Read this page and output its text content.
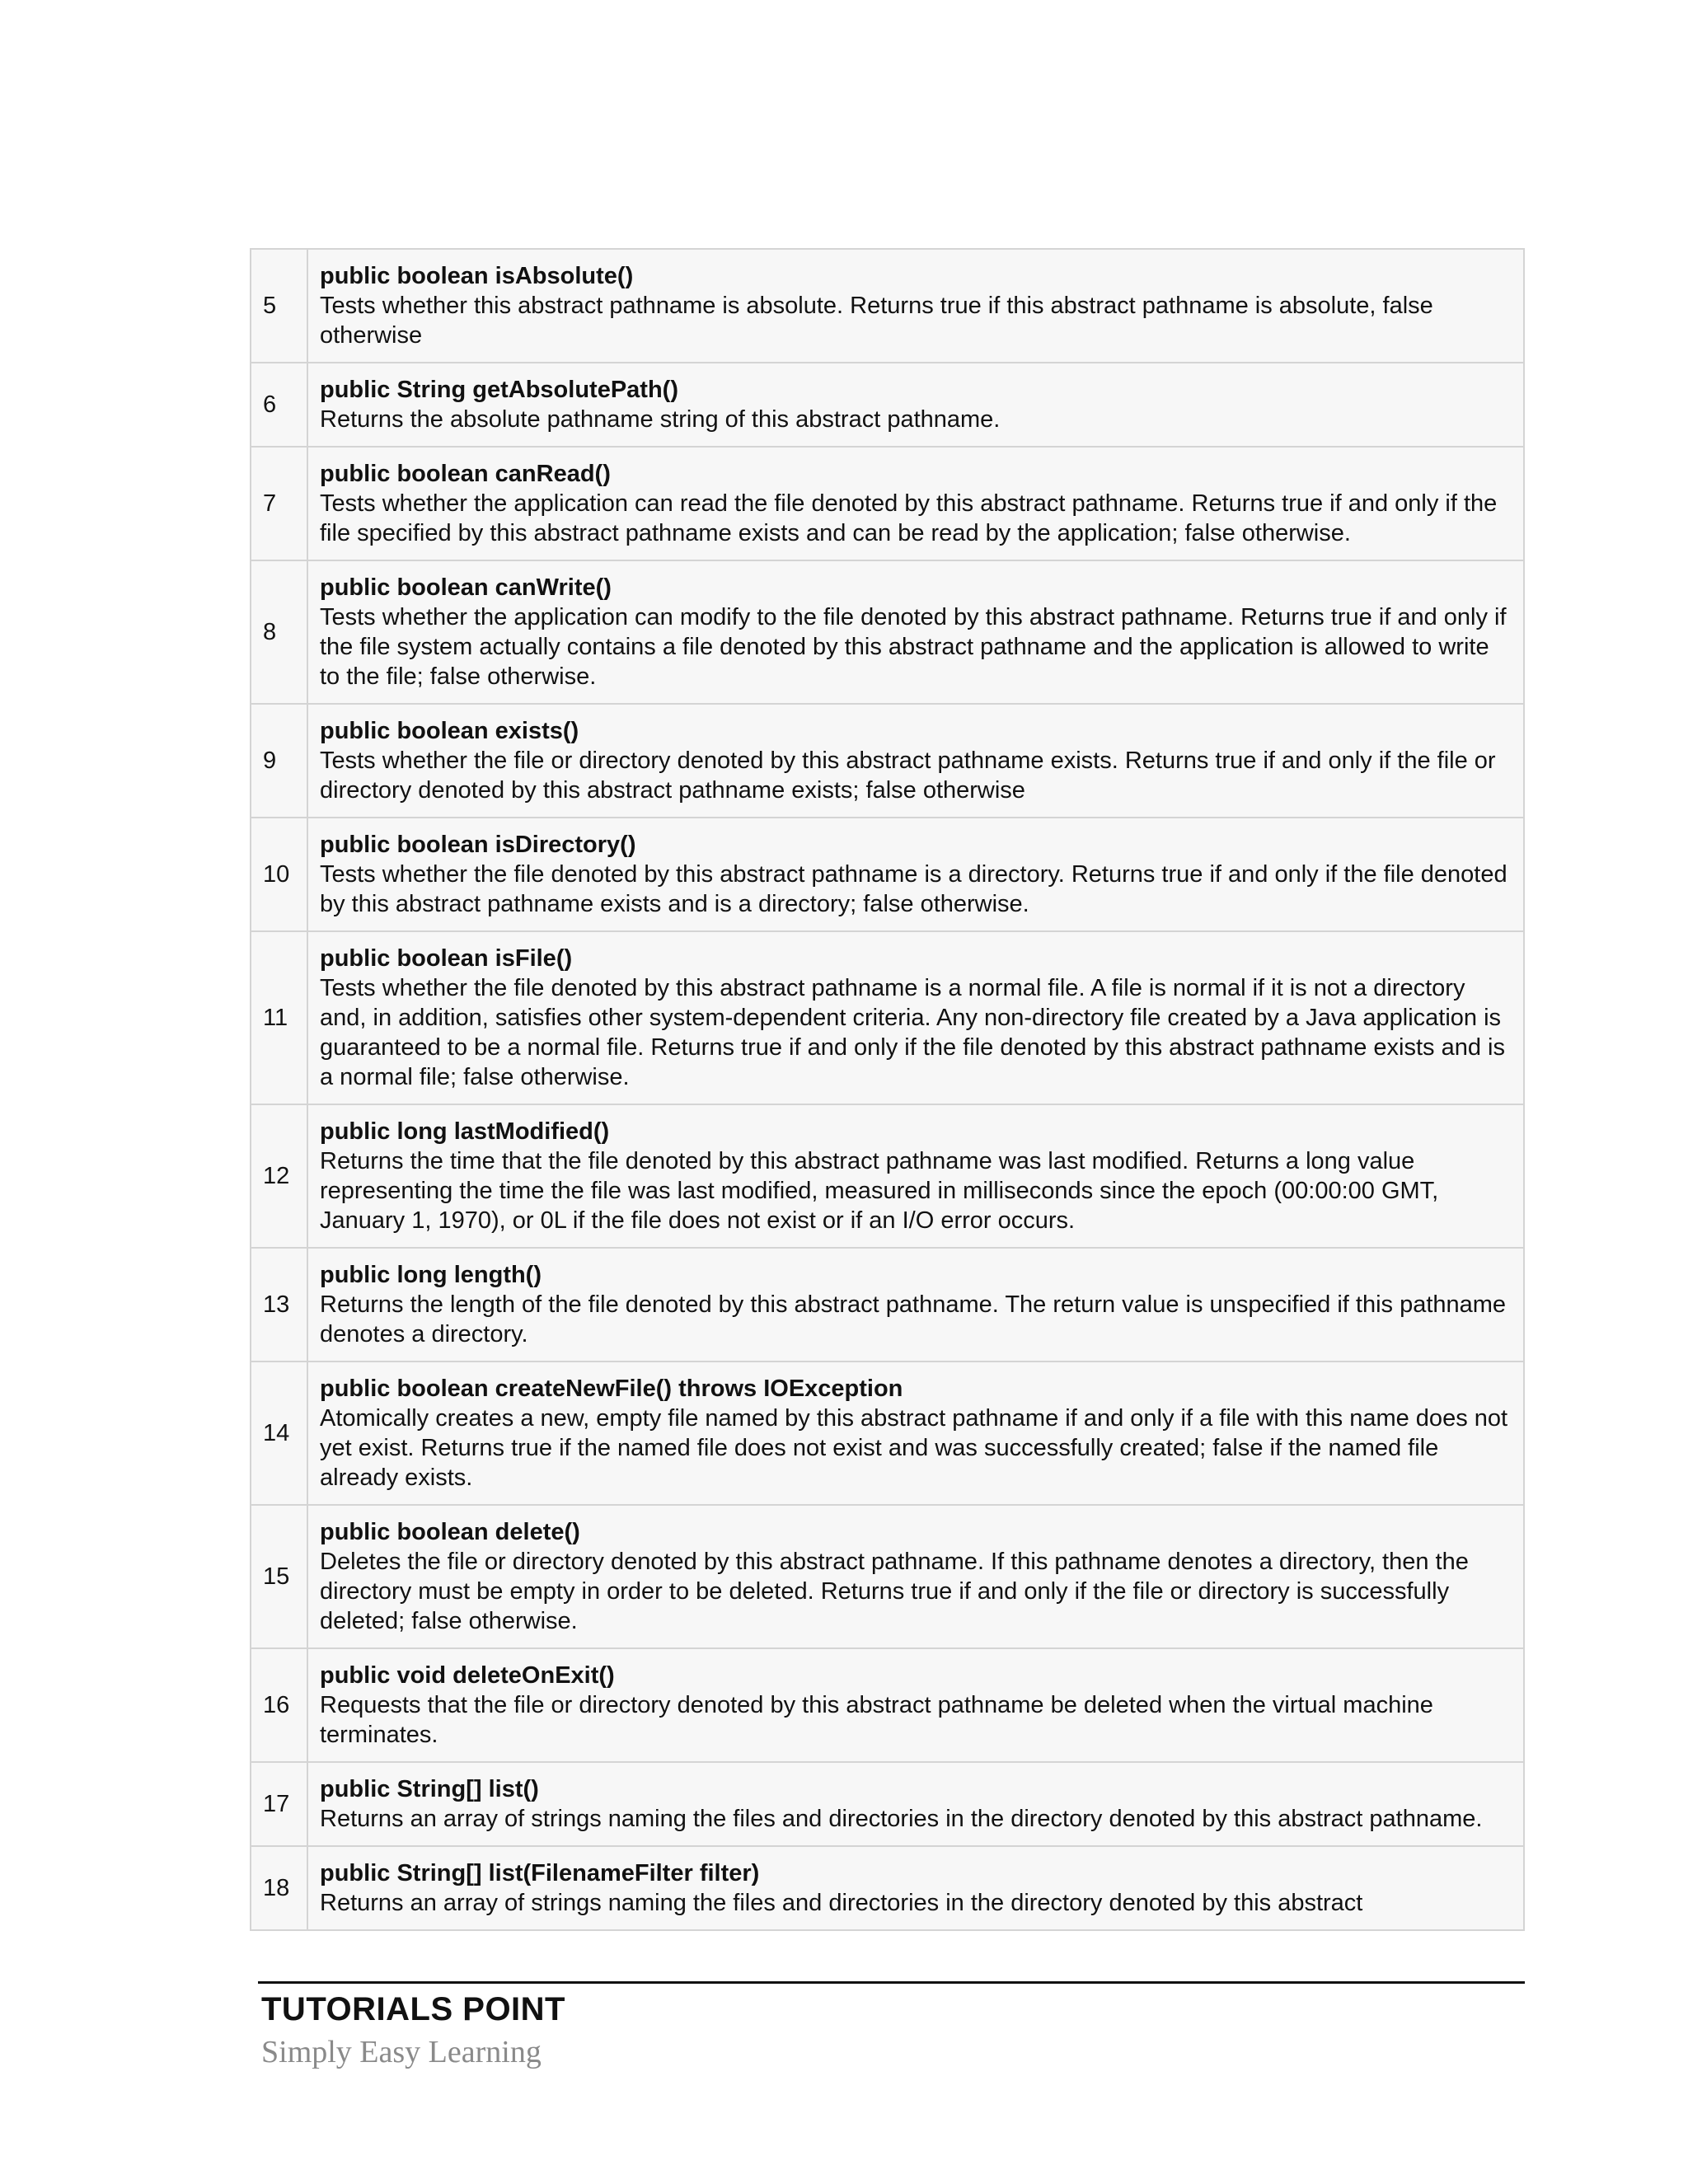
5	public boolean isAbsolute()
Tests whether this abstract pathname is absolute. Returns true if this abstract pathname is absolute, false otherwise

6	public String getAbsolutePath()
Returns the absolute pathname string of this abstract pathname.

7	public boolean canRead()
Tests whether the application can read the file denoted by this abstract pathname. Returns true if and only if the file specified by this abstract pathname exists and can be read by the application; false otherwise.

8	public boolean canWrite()
Tests whether the application can modify to the file denoted by this abstract pathname. Returns true if and only if the file system actually contains a file denoted by this abstract pathname and the application is allowed to write to the file; false otherwise.

9	public boolean exists()
Tests whether the file or directory denoted by this abstract pathname exists. Returns true if and only if the file or directory denoted by this abstract pathname exists; false otherwise

10	public boolean isDirectory()
Tests whether the file denoted by this abstract pathname is a directory. Returns true if and only if the file denoted by this abstract pathname exists and is a directory; false otherwise.

11	public boolean isFile()
Tests whether the file denoted by this abstract pathname is a normal file. A file is normal if it is not a directory and, in addition, satisfies other system-dependent criteria. Any non-directory file created by a Java application is guaranteed to be a normal file. Returns true if and only if the file denoted by this abstract pathname exists and is a normal file; false otherwise.

12	public long lastModified()
Returns the time that the file denoted by this abstract pathname was last modified. Returns a long value representing the time the file was last modified, measured in milliseconds since the epoch (00:00:00 GMT, January 1, 1970), or 0L if the file does not exist or if an I/O error occurs.

13	public long length()
Returns the length of the file denoted by this abstract pathname. The return value is unspecified if this pathname denotes a directory.

14	public boolean createNewFile() throws IOException
Atomically creates a new, empty file named by this abstract pathname if and only if a file with this name does not yet exist. Returns true if the named file does not exist and was successfully created; false if the named file already exists.

15	public boolean delete()
Deletes the file or directory denoted by this abstract pathname. If this pathname denotes a directory, then the directory must be empty in order to be deleted. Returns true if and only if the file or directory is successfully deleted; false otherwise.

16	public void deleteOnExit()
Requests that the file or directory denoted by this abstract pathname be deleted when the virtual machine terminates.

17	public String[] list()
Returns an array of strings naming the files and directories in the directory denoted by this abstract pathname.

18	public String[] list(FilenameFilter filter)
Returns an array of strings naming the files and directories in the directory denoted by this abstract
TUTORIALS POINT
Simply Easy Learning
